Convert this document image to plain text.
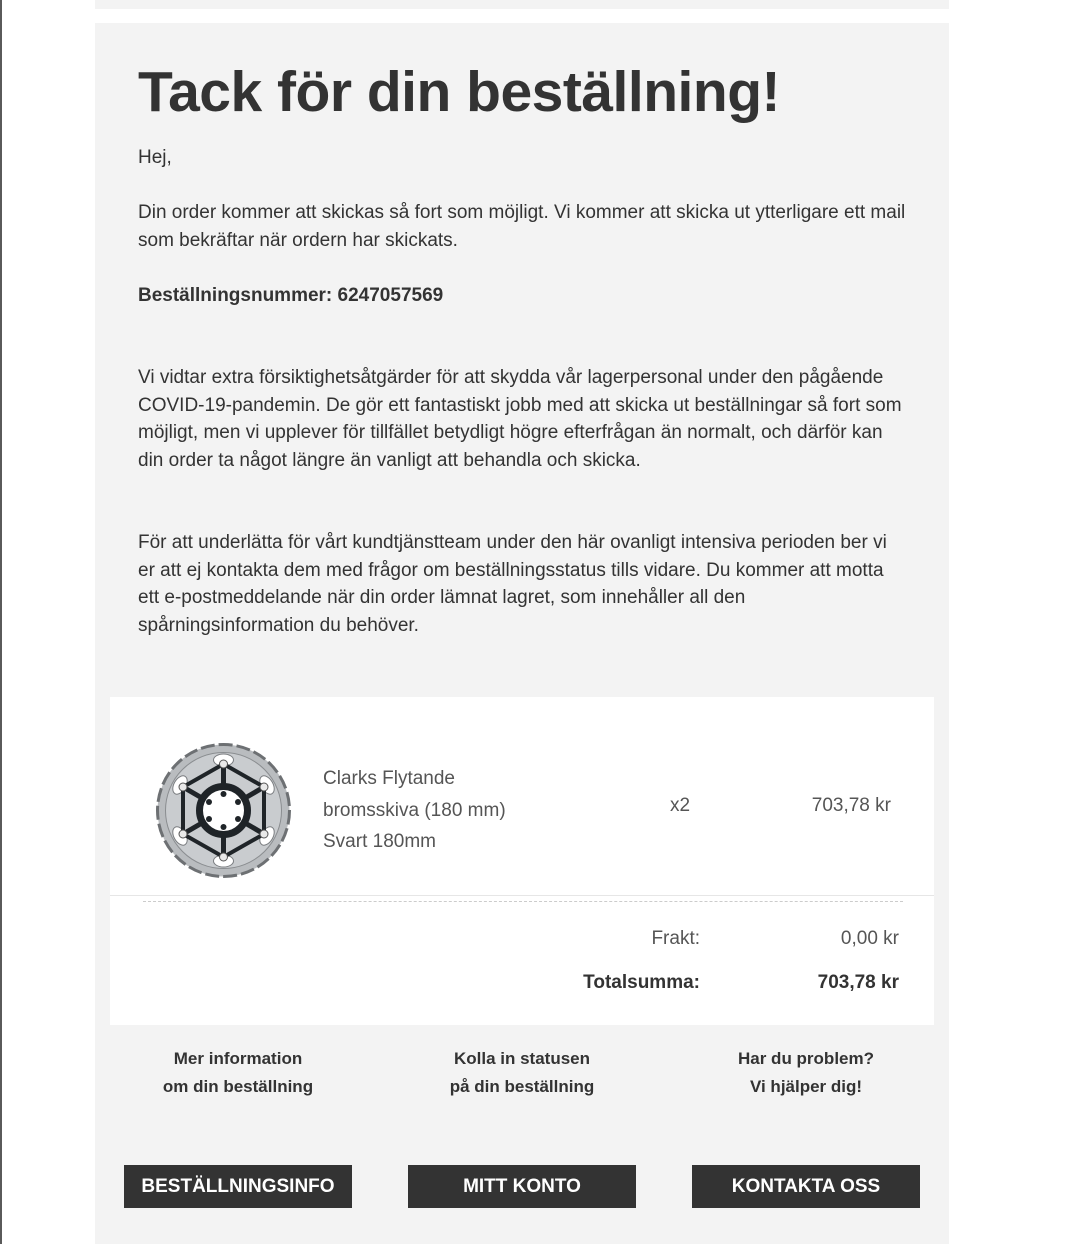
Tack för din beställning!
Hej,
Din order kommer att skickas så fort som möjligt. Vi kommer att skicka ut ytterligare ett mail som bekräftar när ordern har skickats.
Beställningsnummer: 6247057569
Vi vidtar extra försiktighetsåtgärder för att skydda vår lagerpersonal under den pågående COVID-19-pandemin. De gör ett fantastiskt jobb med att skicka ut beställningar så fort som möjligt, men vi upplever för tillfället betydligt högre efterfrågan än normalt, och därför kan din order ta något längre än vanligt att behandla och skicka.
För att underlätta för vårt kundtjänstteam under den här ovanligt intensiva perioden ber vi er att ej kontakta dem med frågor om beställningsstatus tills vidare. Du kommer att motta ett e-postmeddelande när din order lämnat lagret, som innehåller all den spårningsinformation du behöver.
Clarks Flytande
bromsskiva (180 mm)
Svart 180mm
x2	703,78 kr
Frakt:	0,00 kr
Totalsumma:	703,78 kr
Mer information
om din beställning
BESTÄLLNINGSINFO
Kolla in statusen
på din beställning
MITT KONTO
Har du problem?
Vi hjälper dig!
KONTAKTA OSS
